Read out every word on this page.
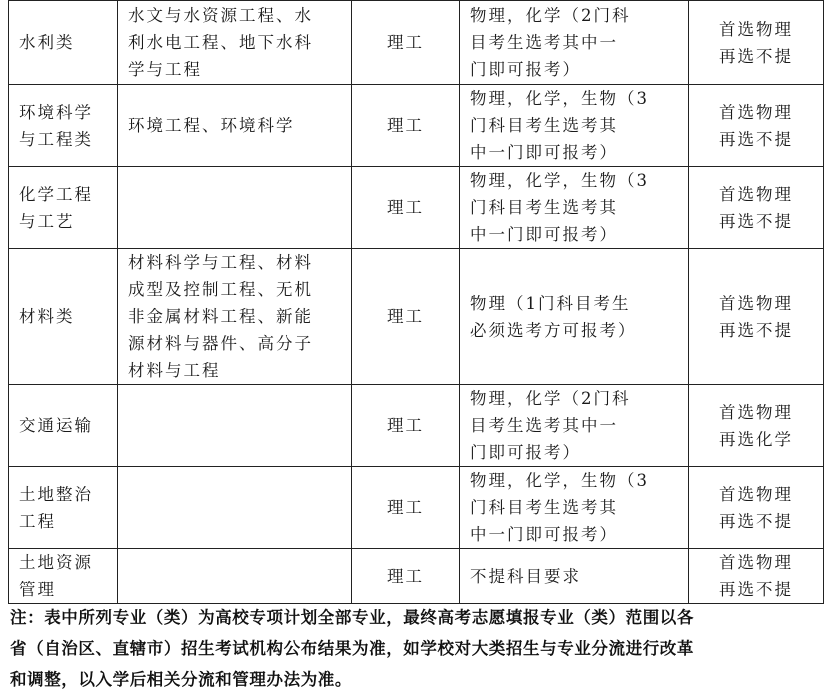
水利类	水文与水资源工程、水
利水电工程、地下水科
学与工程	理工	物理，化学（2门科
目考生选考其中一
门即可报考）	首选物理
再选不提

环境科学
与工程类	环境工程、环境科学	理工	物理，化学，生物（3
门科目考生选考其
中一门即可报考）	首选物理
再选不提

化学工程
与工艺		理工	物理，化学，生物（3
门科目考生选考其
中一门即可报考）	首选物理
再选不提

材料类	材料科学与工程、材料
成型及控制工程、无机
非金属材料工程、新能
源材料与器件、高分子
材料与工程	理工	物理（1门科目考生
必须选考方可报考）	首选物理
再选不提

交通运输		理工	物理，化学（2门科
目考生选考其中一
门即可报考）	首选物理
再选化学

土地整治
工程		理工	物理，化学，生物（3
门科目考生选考其
中一门即可报考）	首选物理
再选不提

土地资源
管理		理工	不提科目要求	首选物理
再选不提
注：表中所列专业（类）为高校专项计划全部专业，最终高考志愿填报专业（类）范围以各
省（自治区、直辖市）招生考试机构公布结果为准，如学校对大类招生与专业分流进行改革
和调整，以入学后相关分流和管理办法为准。
